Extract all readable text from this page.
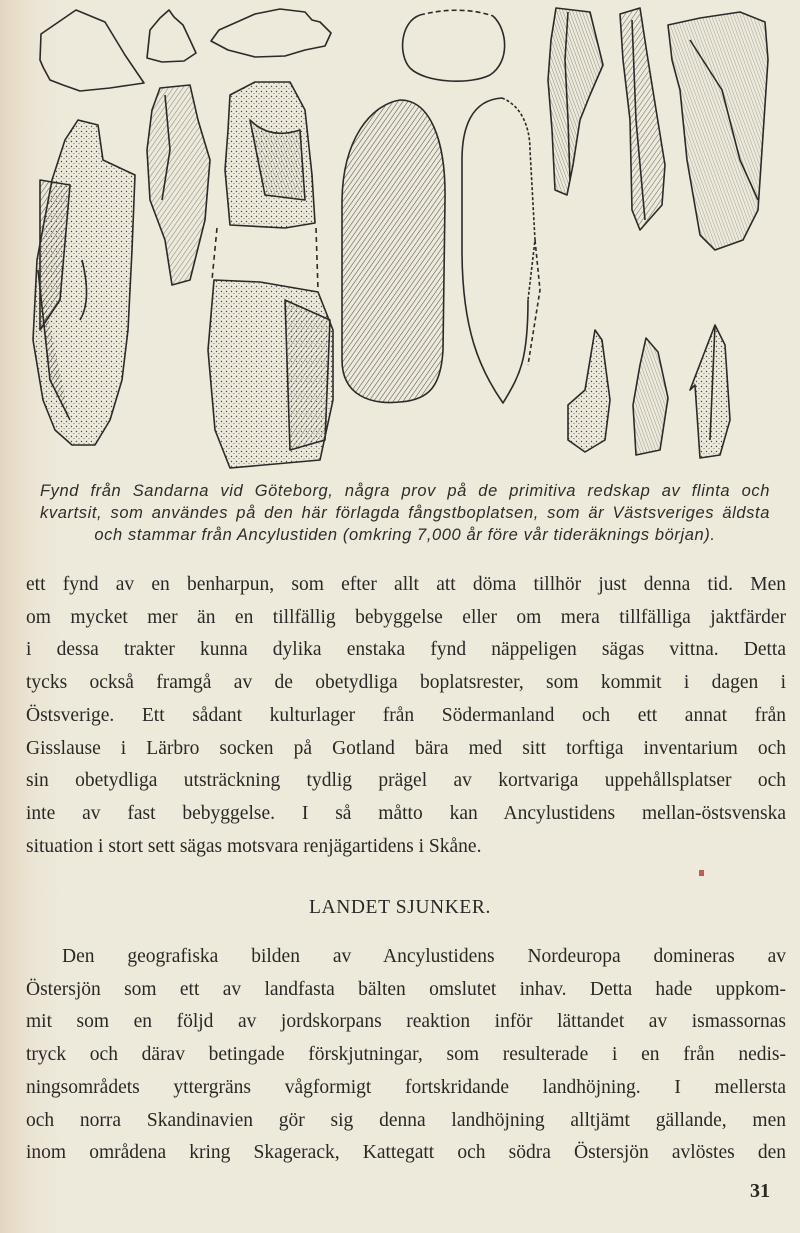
Fynd från Sandarna vid Göteborg, några prov på de primitiva redskap av flinta och
kvartsit, som användes på den här förlagda fångstboplatsen, som är Västsveriges äldsta
och stammar från Ancylustiden (omkring 7,000 år före vår tideräknings början).
ett fynd av en benharpun, som efter allt att döma tillhör just denna tid. Men
om mycket mer än en tillfällig bebyggelse eller om mera tillfälliga jaktfärder
i dessa trakter kunna dylika enstaka fynd näppeligen sägas vittna. Detta
tycks också framgå av de obetydliga boplatsrester, som kommit i dagen i
Östsverige. Ett sådant kulturlager från Södermanland och ett annat från
Gisslause i Lärbro socken på Gotland bära med sitt torftiga inventarium och
sin obetydliga utsträckning tydlig prägel av kortvariga uppehållsplatser och
inte av fast bebyggelse. I så måtto kan Ancylustidens mellan-östsvenska
situation i stort sett sägas motsvara renjägartidens i Skåne.
LANDET SJUNKER.
Den geografiska bilden av Ancylustidens Nordeuropa domineras av
Östersjön som ett av landfasta bälten omslutet inhav. Detta hade uppkom-
mit som en följd av jordskorpans reaktion inför lättandet av ismassornas
tryck och därav betingade förskjutningar, som resulterade i en från nedis-
ningsområdets yttergräns vågformigt fortskridande landhöjning. I mellersta
och norra Skandinavien gör sig denna landhöjning alltjämt gällande, men
inom områdena kring Skagerack, Kattegatt och södra Östersjön avlöstes den
31
